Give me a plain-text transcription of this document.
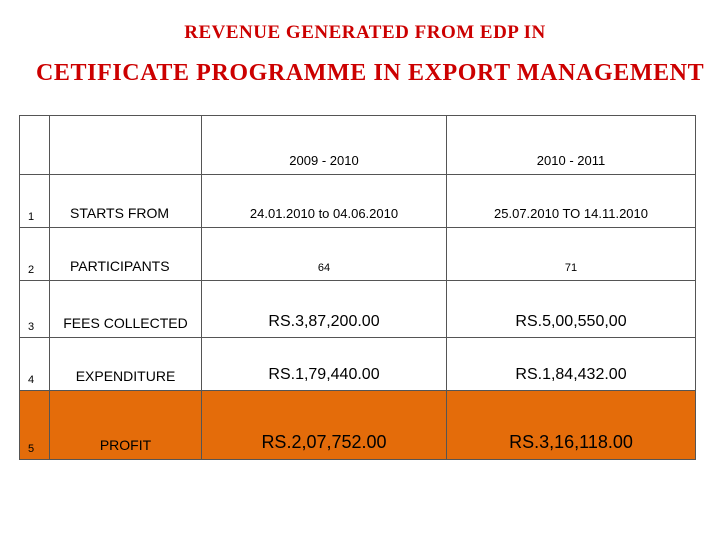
REVENUE GENERATED FROM EDP IN
CETIFICATE PROGRAMME IN EXPORT MANAGEMENT
		2009 - 2010	2010 - 2011
1	STARTS FROM	24.01.2010 to 04.06.2010	25.07.2010 TO 14.11.2010
2	PARTICIPANTS	64	71
3	FEES COLLECTED	RS.3,87,200.00	RS.5,00,550,00
4	EXPENDITURE	RS.1,79,440.00	RS.1,84,432.00
5	PROFIT	RS.2,07,752.00	RS.3,16,118.00
